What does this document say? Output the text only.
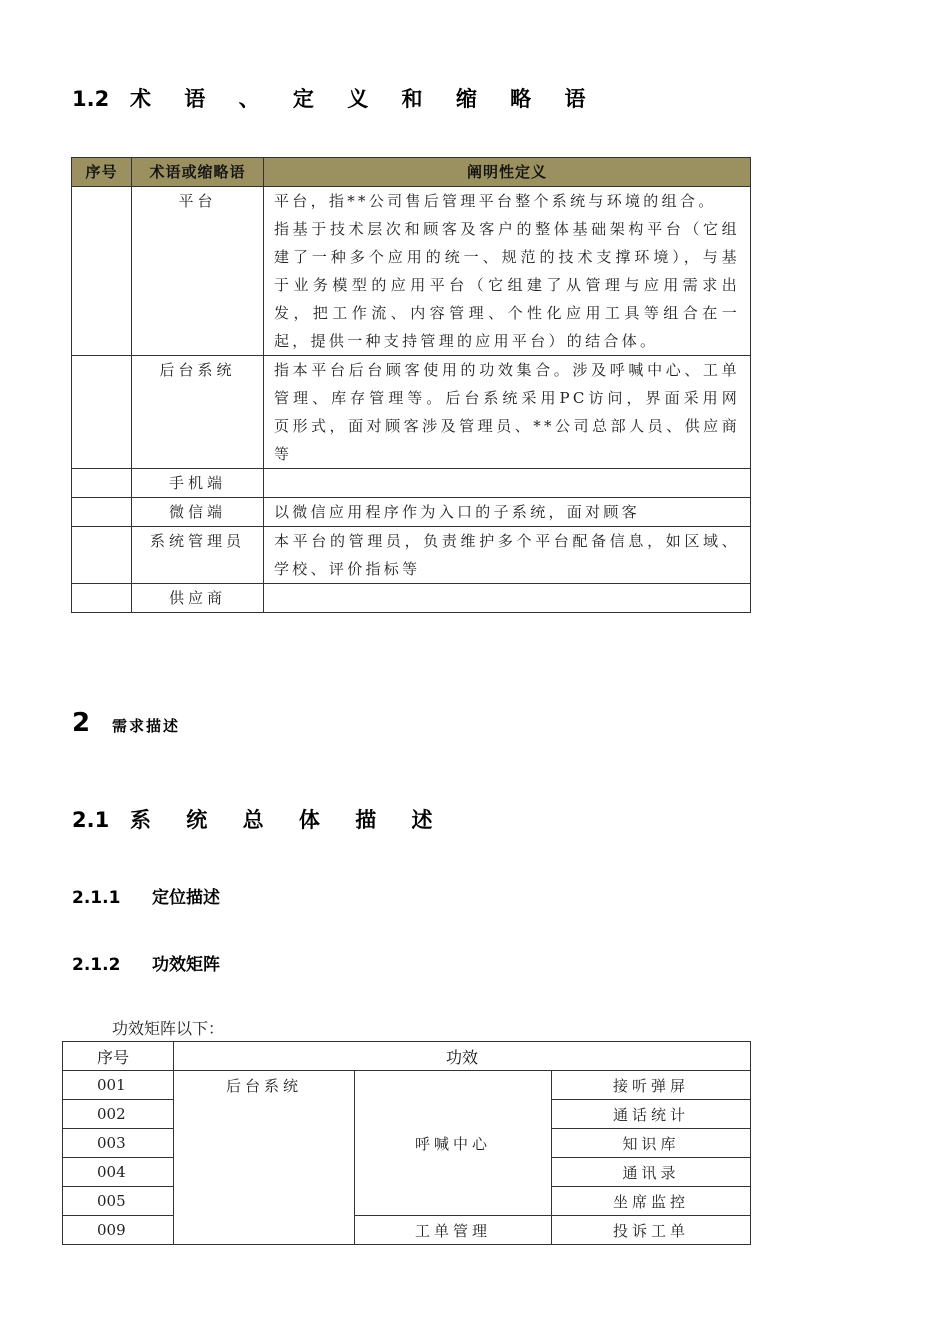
1.2 术 语 、 定 义 和 缩 略 语
序号	术语或缩略语	阐明性定义
	平台	平台，指**公司售后管理平台整个系统与环境的组合。

指基于技术层次和顾客及客户的整体基础架构平台（它组建了一种多个应用的统一、规范的技术支撑环境），与基于业务模型的应用平台（它组建了从管理与应用需求出发，把工作流、内容管理、个性化应用工具等组合在一起，提供一种支持管理的应用平台）的结合体。

	后台系统	指本平台后台顾客使用的功效集合。涉及呼喊中心、工单管理、库存管理等。后台系统采用PC访问，界面采用网页形式，面对顾客涉及管理员、**公司总部人员、供应商等

	手机端	
	微信端	以微信应用程序作为入口的子系统，面对顾客
	系统管理员	本平台的管理员，负责维护多个平台配备信息，如区域、学校、评价指标等
	供应商	
2 需求描述
2.1 系 统 总 体 描 述
2.1.1 定位描述
2.1.2 功效矩阵
功效矩阵以下：
序号	功效		
001	后台系统	呼喊中心	接听弹屏
002			通话统计
003			知识库
004			通讯录
005			坐席监控
009		工单管理	投诉工单
